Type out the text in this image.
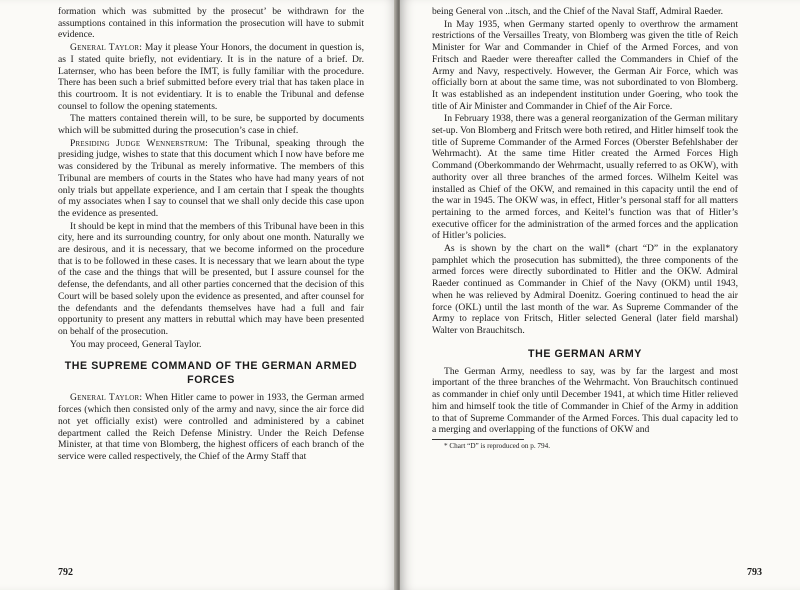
formation which was submitted by the prosecut’ be withdrawn for the assumptions contained in this information the prosecution will have to submit evidence.

General Taylor: May it please Your Honors, the document in question is, as I stated quite briefly, not evidentiary. It is in the nature of a brief. Dr. Laternser, who has been before the IMT, is fully familiar with the procedure. There has been such a brief submitted before every trial that has taken place in this courtroom. It is not evidentiary. It is to enable the Tribunal and defense counsel to follow the opening statements.

The matters contained therein will, to be sure, be supported by documents which will be submitted during the prosecution’s case in chief.

Presiding Judge Wennerstrum: The Tribunal, speaking through the presiding judge, wishes to state that this document which I now have before me was considered by the Tribunal as merely informative. The members of this Tribunal are members of courts in the States who have had many years of not only trials but appellate experience, and I am certain that I speak the thoughts of my associates when I say to counsel that we shall only decide this case upon the evidence as presented.

It should be kept in mind that the members of this Tribunal have been in this city, here and its surrounding country, for only about one month. Naturally we are desirous, and it is necessary, that we become informed on the procedure that is to be followed in these cases. It is necessary that we learn about the type of the case and the things that will be presented, but I assure counsel for the defense, the defendants, and all other parties concerned that the decision of this Court will be based solely upon the evidence as presented, and after counsel for the defendants and the defendants themselves have had a full and fair opportunity to present any matters in rebuttal which may have been presented on behalf of the prosecution.

You may proceed, General Taylor.

THE SUPREME COMMAND OF THE GERMAN ARMED FORCES

General Taylor: When Hitler came to power in 1933, the German armed forces (which then consisted only of the army and navy, since the air force did not yet officially exist) were controlled and administered by a cabinet department called the Reich Defense Ministry. Under the Reich Defense Minister, at that time von Blomberg, the highest officers of each branch of the service were called respectively, the Chief of the Army Staff that

792

being General von ..itsch, and the Chief of the Naval Staff, Admiral Raeder.

In May 1935, when Germany started openly to overthrow the armament restrictions of the Versailles Treaty, von Blomberg was given the title of Reich Minister for War and Commander in Chief of the Armed Forces, and von Fritsch and Raeder were thereafter called the Commanders in Chief of the Army and Navy, respectively. However, the German Air Force, which was officially born at about the same time, was not subordinated to von Blomberg. It was established as an independent institution under Goering, who took the title of Air Minister and Commander in Chief of the Air Force.

In February 1938, there was a general reorganization of the German military set-up. Von Blomberg and Fritsch were both retired, and Hitler himself took the title of Supreme Commander of the Armed Forces (Oberster Befehlshaber der Wehrmacht). At the same time Hitler created the Armed Forces High Command (Oberkommando der Wehrmacht, usually referred to as OKW), with authority over all three branches of the armed forces. Wilhelm Keitel was installed as Chief of the OKW, and remained in this capacity until the end of the war in 1945. The OKW was, in effect, Hitler’s personal staff for all matters pertaining to the armed forces, and Keitel’s function was that of Hitler’s executive officer for the administration of the armed forces and the application of Hitler’s policies.

As is shown by the chart on the wall* (chart “D” in the explanatory pamphlet which the prosecution has submitted), the three components of the armed forces were directly subordinated to Hitler and the OKW. Admiral Raeder continued as Commander in Chief of the Navy (OKM) until 1943, when he was relieved by Admiral Doenitz. Goering continued to head the air force (OKL) until the last month of the war. As Supreme Commander of the Army to replace von Fritsch, Hitler selected General (later field marshal) Walter von Brauchitsch.

THE GERMAN ARMY

The German Army, needless to say, was by far the largest and most important of the three branches of the Wehrmacht. Von Brauchitsch continued as commander in chief only until December 1941, at which time Hitler relieved him and himself took the title of Commander in Chief of the Army in addition to that of Supreme Commander of the Armed Forces. This dual capacity led to a merging and overlapping of the functions of OKW and

* Chart “D” is reproduced on p. 794.

793
